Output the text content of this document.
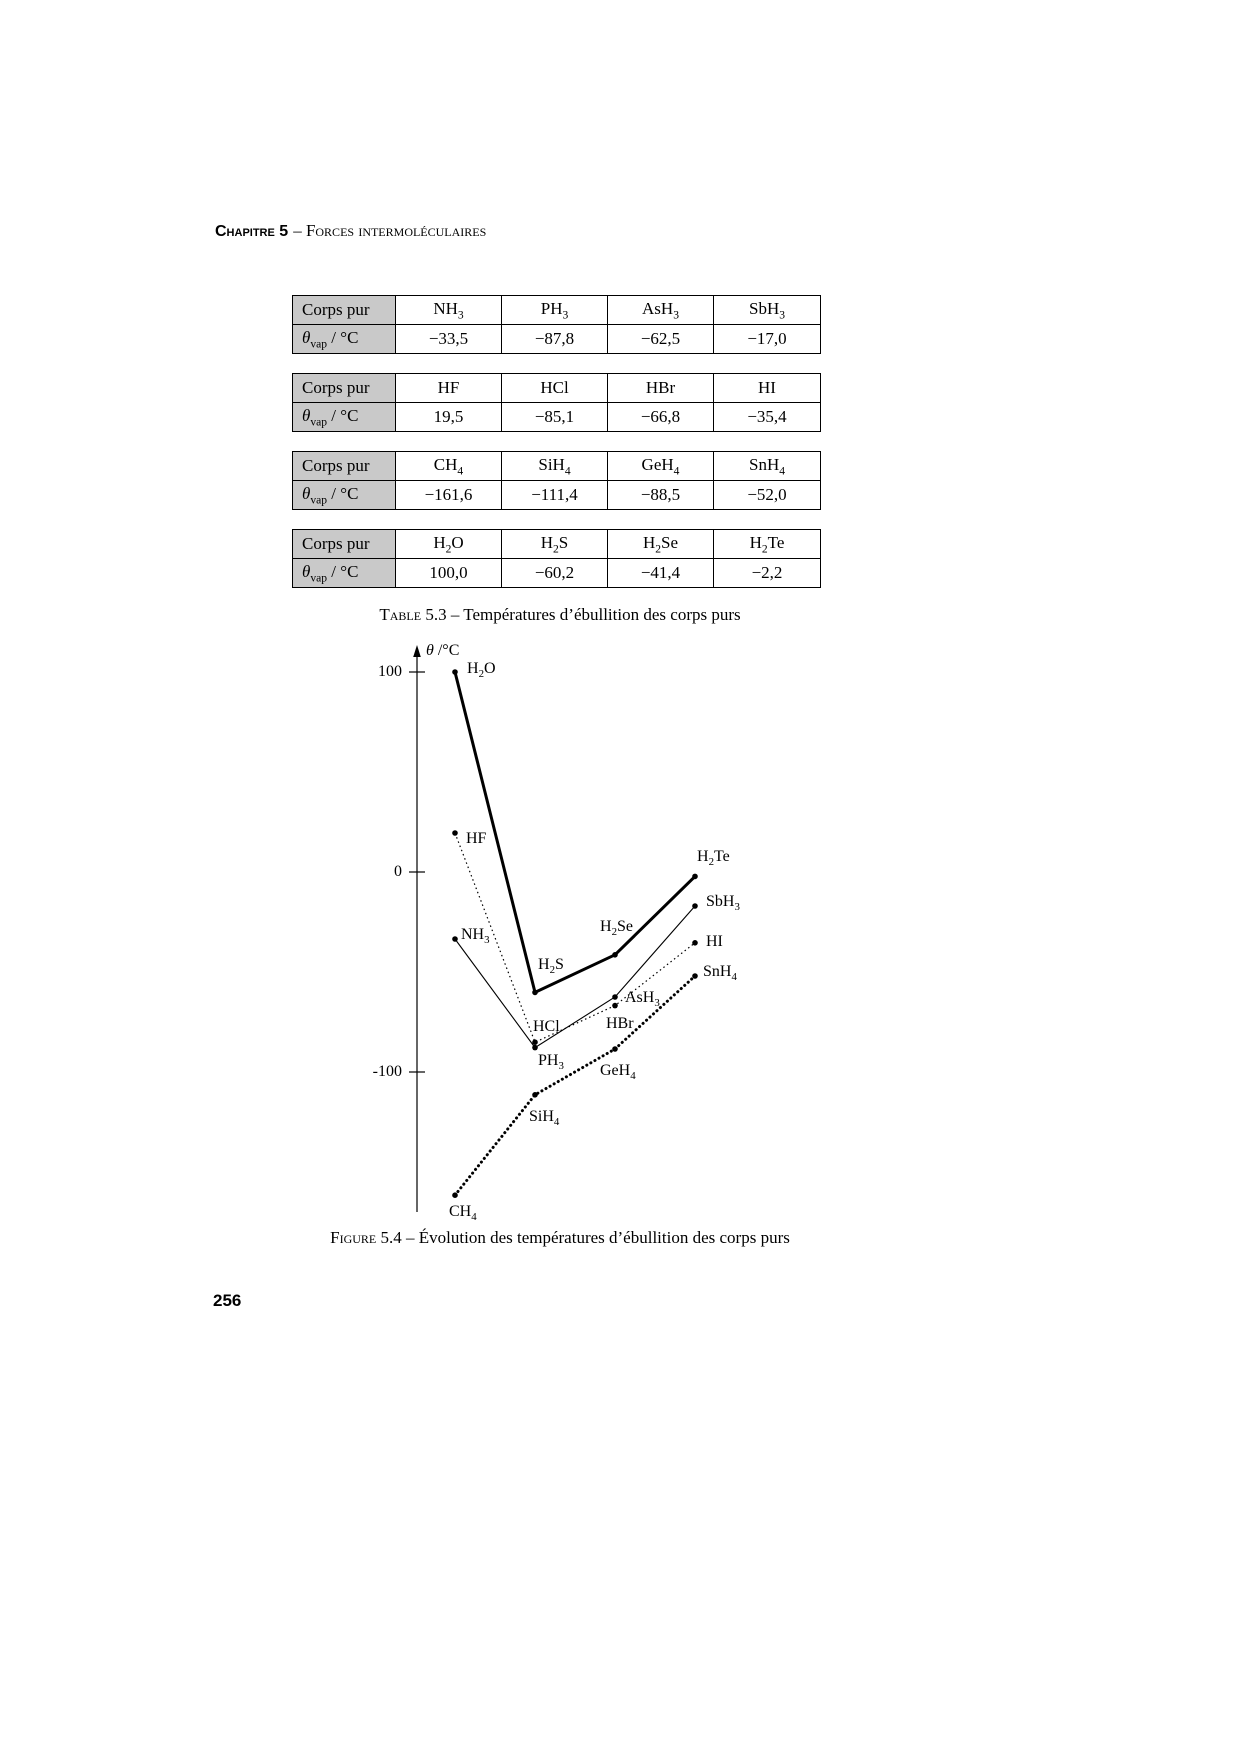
Chapitre 5 – Forces intermoléculaires
Corps pur	$NH_3$	$PH_3$	AsH$_3$	SbH$_3$
$\theta_{vap} / ^\circ C$	−33,5	−87,8	−62,5	−17,0
Corps pur	HF	HCl	HBr	HI
$\theta_{vap} / ^\circ C$	19,5	−85,1	−66,8	−35,4
Corps pur	$CH_4$	SiH$_4$	GeH$_4$	SnH$_4$
$\theta_{vap} / ^\circ C$	−161,6	−111,4	−88,5	−52,0
Corps pur	$H_2O$	$H_2S$	$H_2Se$	$H_2Te$
$\theta_{vap} / ^\circ C$	100,0	−60,2	−41,4	−2,2
Table 5.3 – Températures d’ébullition des corps purs
θ /°C
100
0
-100
$H_2O$
$H_2S$
$H_2Se$
$H_2Te$
HF
HCl	HBr
HI
$NH_3$
$PH_3$
AsH$_3$
SbH$_3$
$CH_4$
SiH$_4$
GeH$_4$
SnH$_4$
Figure 5.4 – Évolution des températures d’ébullition des corps purs
256
